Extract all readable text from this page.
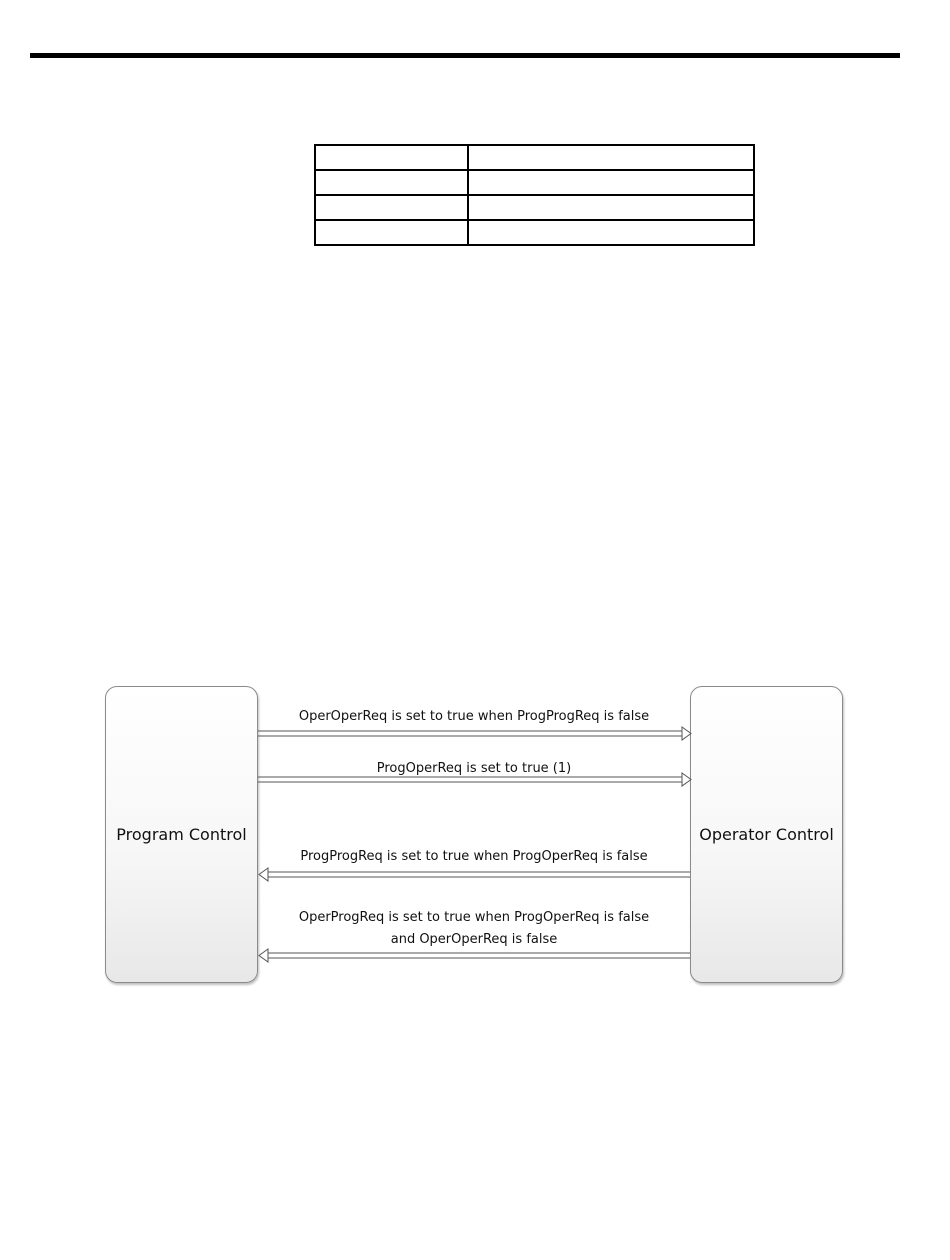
Program Control	Operator Control
OperOperReq is set to true when ProgProgReq is false
ProgOperReq is set to true (1)
ProgProgReq is set to true when ProgOperReq is false
OperProgReq is set to true when ProgOperReq is false
and OperOperReq is false
